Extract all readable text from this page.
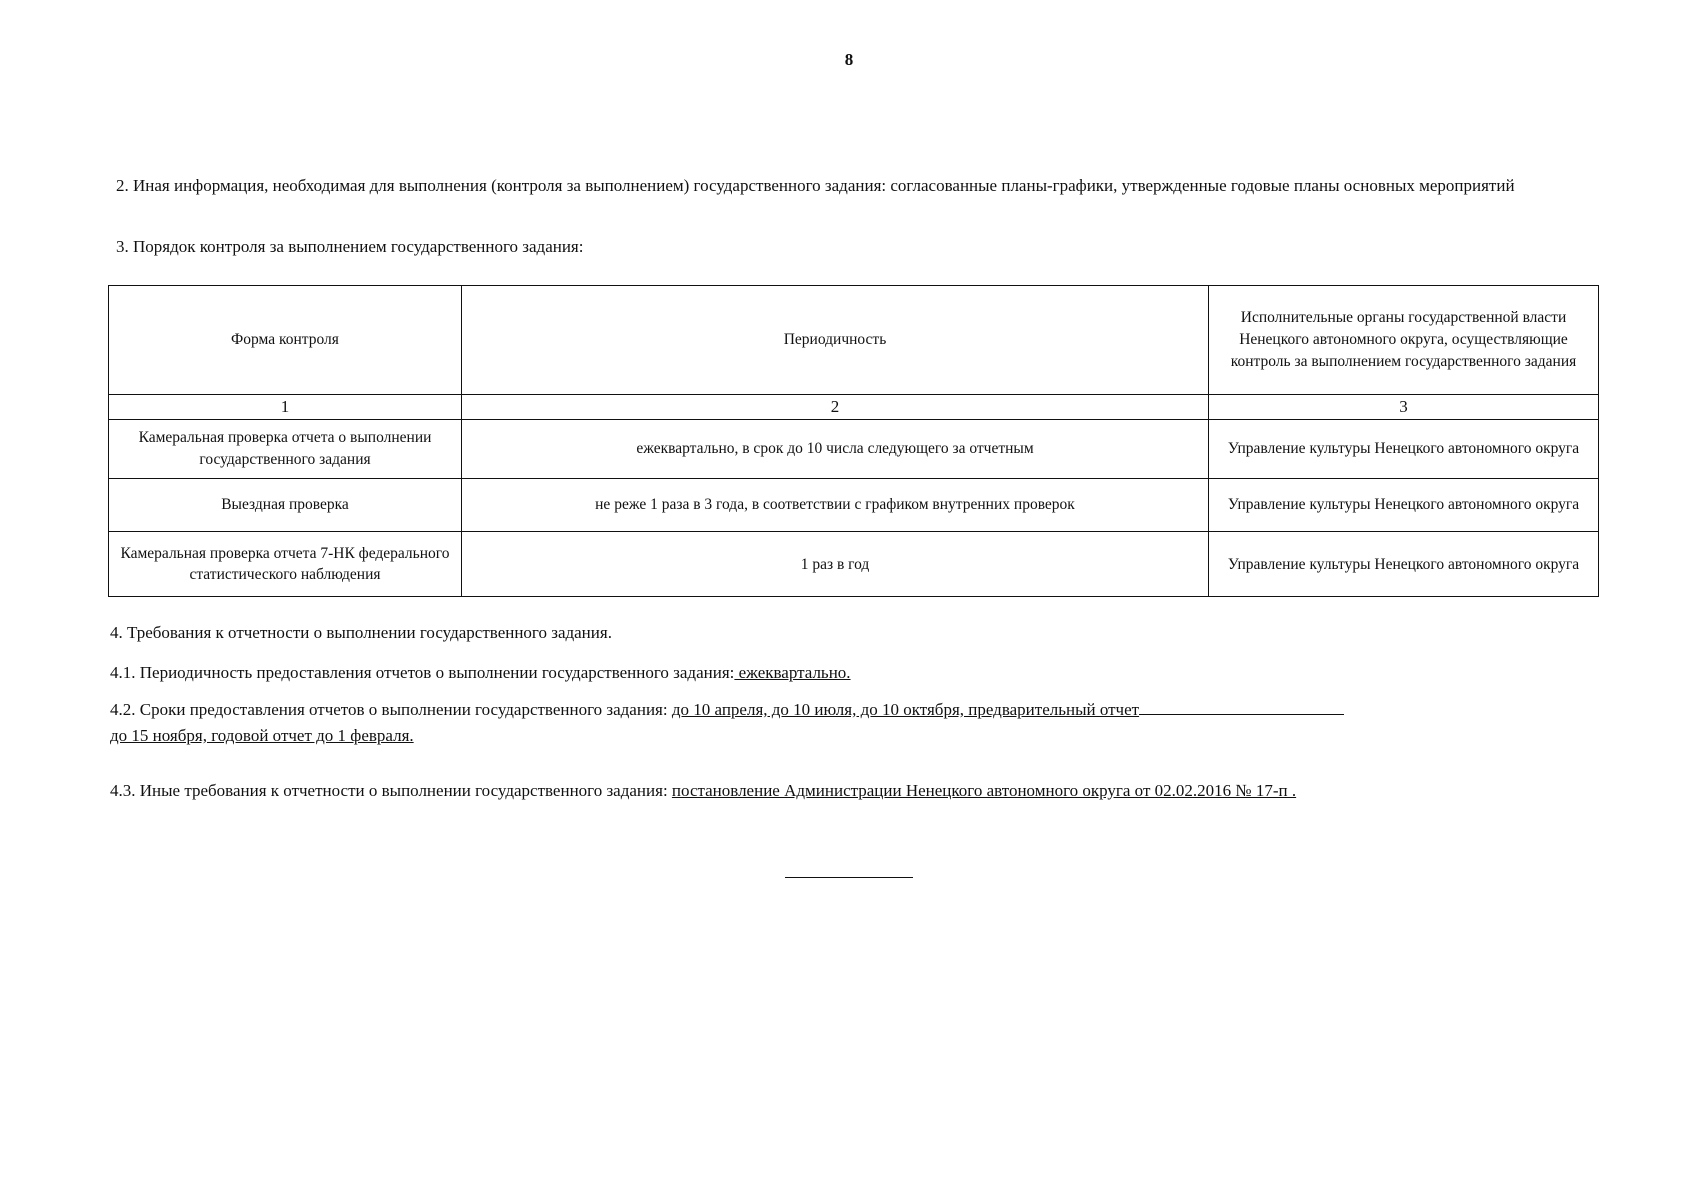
8
2. Иная информация, необходимая для выполнения (контроля за выполнением) государственного задания: согласованные планы-графики, утвержденные годовые планы основных мероприятий
3. Порядок контроля за выполнением государственного задания:
Форма контроля	Периодичность	Исполнительные органы государственной власти Ненецкого автономного округа, осуществляющие контроль за выполнением государственного задания
1	2	3
Камеральная проверка отчета о выполнении государственного задания	ежеквартально, в срок до 10 числа следующего за отчетным	Управление культуры Ненецкого автономного округа
Выездная проверка	не реже 1 раза в 3 года, в соответствии с графиком внутренних проверок	Управление культуры Ненецкого автономного округа
Камеральная проверка отчета 7-НК федерального статистического наблюдения	1 раз в год	Управление культуры Ненецкого автономного округа
4. Требования к отчетности о выполнении государственного задания.
4.1. Периодичность предоставления отчетов о выполнении государственного задания: ежеквартально.
4.2. Сроки предоставления отчетов о выполнении государственного задания: до 10 апреля, до 10 июля, до 10 октября, предварительный отчет
до 15 ноября, годовой отчет до 1 февраля.
4.3. Иные требования к отчетности о выполнении государственного задания: постановление Администрации Ненецкого автономного округа от 02.02.2016 № 17-п .
